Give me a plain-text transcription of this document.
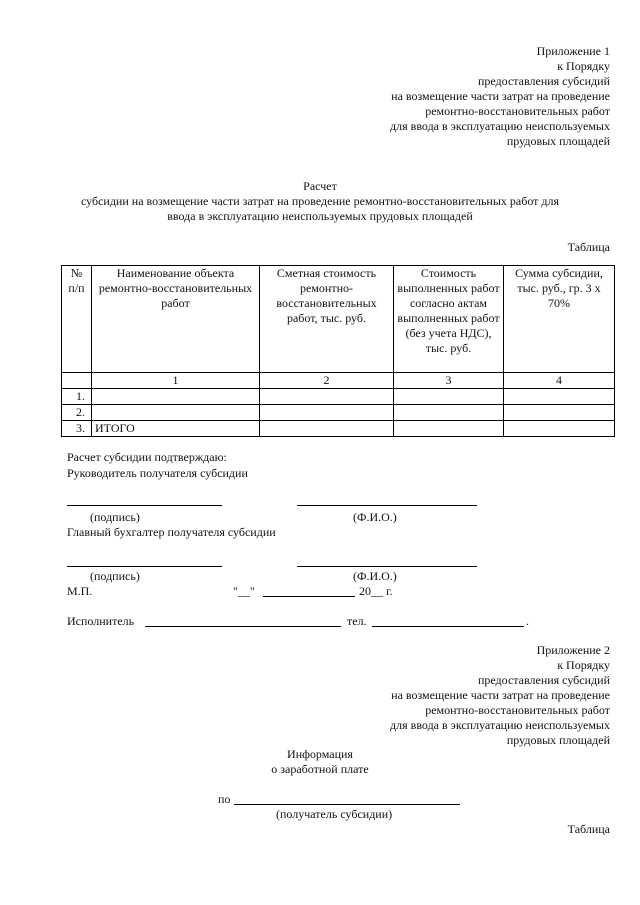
Приложение 1
к Порядку
предоставления субсидий
на возмещение части затрат на проведение
ремонтно-восстановительных работ
для ввода в эксплуатацию неиспользуемых
прудовых площадей
Расчет
субсидии на возмещение части затрат на проведение ремонтно-восстановительных работ для
ввода в эксплуатацию неиспользуемых прудовых площадей
Таблица
№ п/п	Наименование объекта ремонтно-восстановительных работ	Сметная стоимость ремонтно-восстановительных работ, тыс. руб.	Стоимость выполненных работ согласно актам выполненных работ (без учета НДС), тыс. руб.	Сумма субсидии, тыс. руб., гр. 3 х 70%
	1	2	3	4
1.				
2.				
3.	ИТОГО			
Расчет субсидии подтверждаю:
Руководитель получателя субсидии
(подпись)	(Ф.И.О.)
Главный бухгалтер получателя субсидии
(подпись)	(Ф.И.О.)
М.П.	"__"	20__ г.
Исполнитель	тел.	.
Приложение 2
к Порядку
предоставления субсидий
на возмещение части затрат на проведение
ремонтно-восстановительных работ
для ввода в эксплуатацию неиспользуемых
прудовых площадей
Информация
о заработной плате
по
(получатель субсидии)
Таблица
